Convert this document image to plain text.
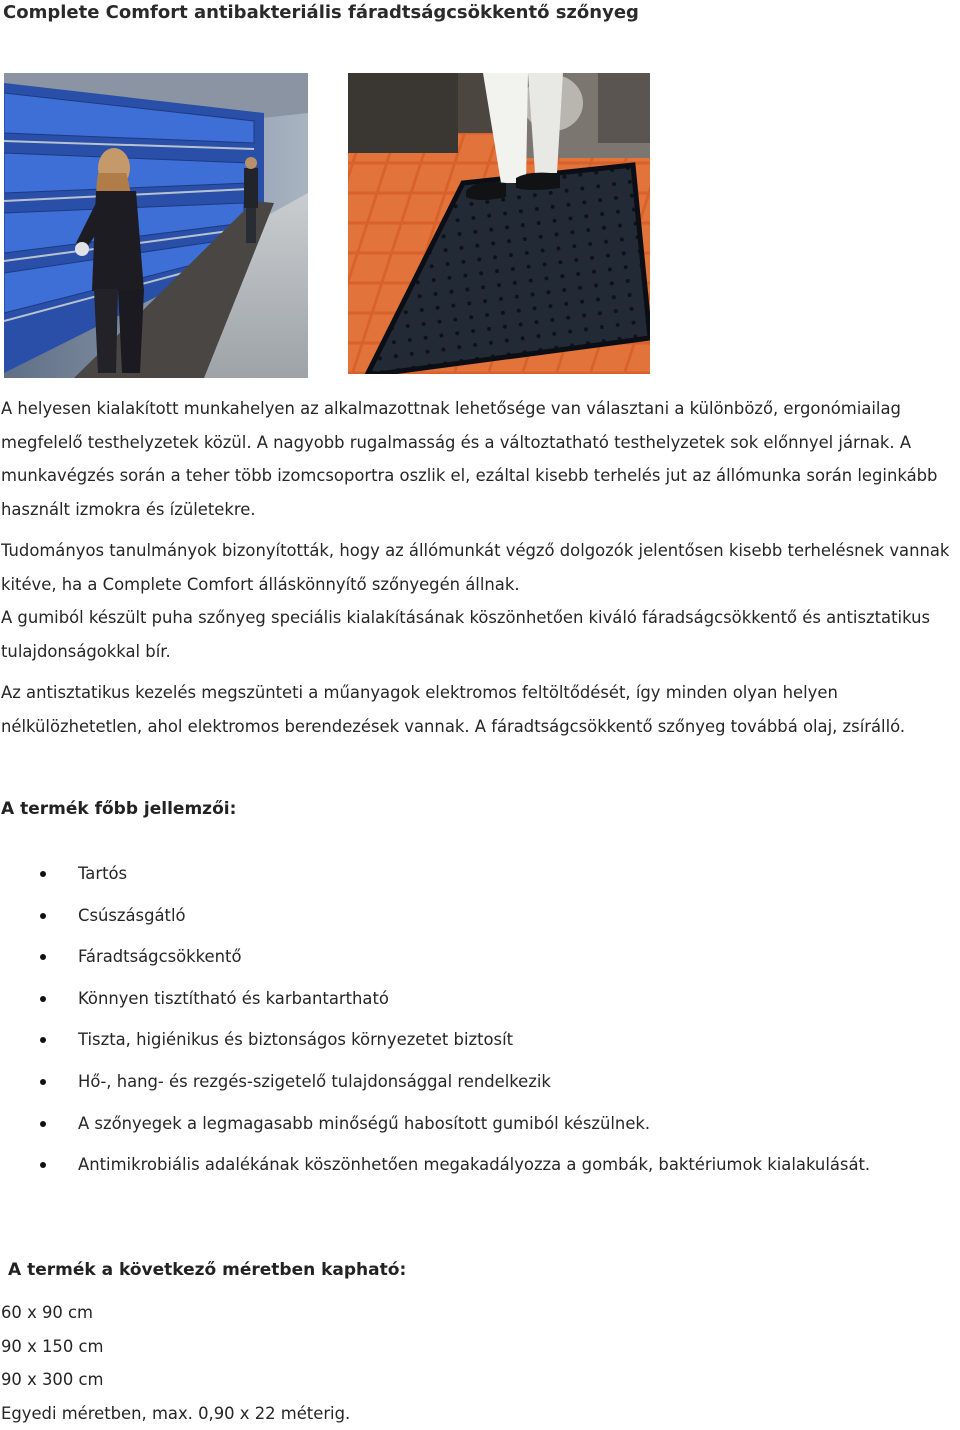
Complete Comfort antibakteriális fáradtságcsökkentő szőnyeg

A helyesen kialakított munkahelyen az alkalmazottnak lehetősége van választani a különböző, ergonómiailag megfelelő testhelyzetek közül. A nagyobb rugalmasság és a változtatható testhelyzetek sok előnnyel járnak. A munkavégzés során a teher több izomcsoportra oszlik el, ezáltal kisebb terhelés jut az állómunka során leginkább használt izmokra és ízületekre.

Tudományos tanulmányok bizonyították, hogy az állómunkát végző dolgozók jelentősen kisebb terhelésnek vannak kitéve, ha a Complete Comfort álláskönnyítő szőnyegén állnak.

A gumiból készült puha szőnyeg speciális kialakításának köszönhetően kiváló fáradságcsökkentő és antisztatikus tulajdonságokkal bír.

Az antisztatikus kezelés megszünteti a műanyagok elektromos feltöltődését, így minden olyan helyen nélkülözhetetlen, ahol elektromos berendezések vannak. A fáradtságcsökkentő szőnyeg továbbá olaj, zsírálló.

A termék főbb jellemzői:
Tartós
Csúszásgátló
Fáradtságcsökkentő
Könnyen tisztítható és karbantartható
Tiszta, higiénikus és biztonságos környezetet biztosít
Hő-, hang- és rezgés-szigetelő tulajdonsággal rendelkezik
A szőnyegek a legmagasabb minőségű habosított gumiból készülnek.
Antimikrobiális adalékának köszönhetően megakadályozza a gombák, baktériumok kialakulását.
A termék a következő méretben kapható:
60 x 90 cm
90 x 150 cm
90 x 300 cm
Egyedi méretben, max. 0,90 x 22 méterig.
